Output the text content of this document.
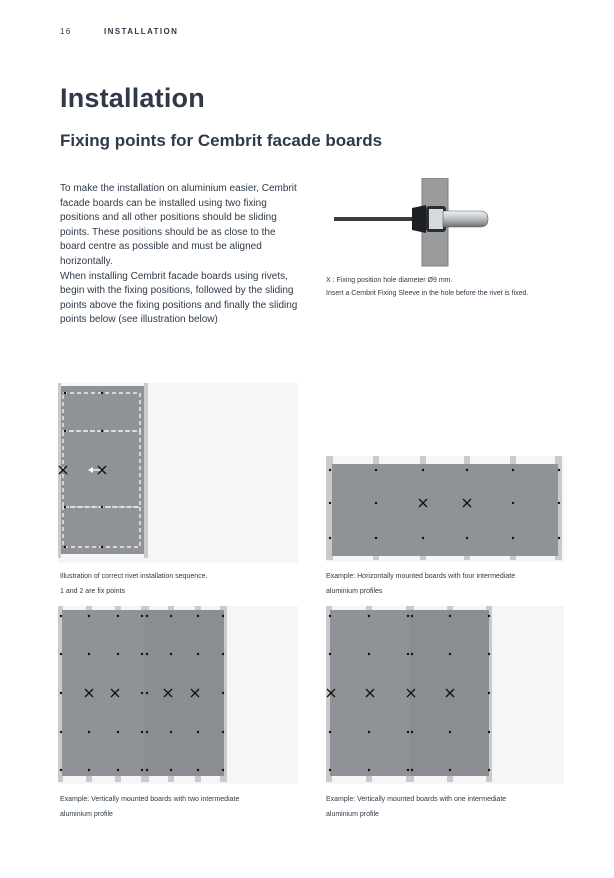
16	INSTALLATION
Installation
Fixing points for Cembrit facade boards

To make the installation on aluminium easier, Cembrit facade boards can be installed using two fixing positions and all other positions should be sliding points. These positions should be as close to the board centre as possible and must be aligned horizontally.

When installing Cembrit facade boards using rivets, begin with the fixing positions, followed by the sliding points above the fixing positions and finally the sliding points below (see illustration below)

X : Fixing position hole diameter Ø9 mm.

Insert a Cembrit Fixing Sleeve in the hole before the rivet is fixed.

Illustration of correct rivet installation sequence.

1 and 2 are fix points

Example: Horizontally mounted boards with four intermediate

aluminium profiles

Example: Vertically mounted boards with two intermediate

aluminium profile

Example: Vertically mounted boards with one intermediate

aluminium profile
